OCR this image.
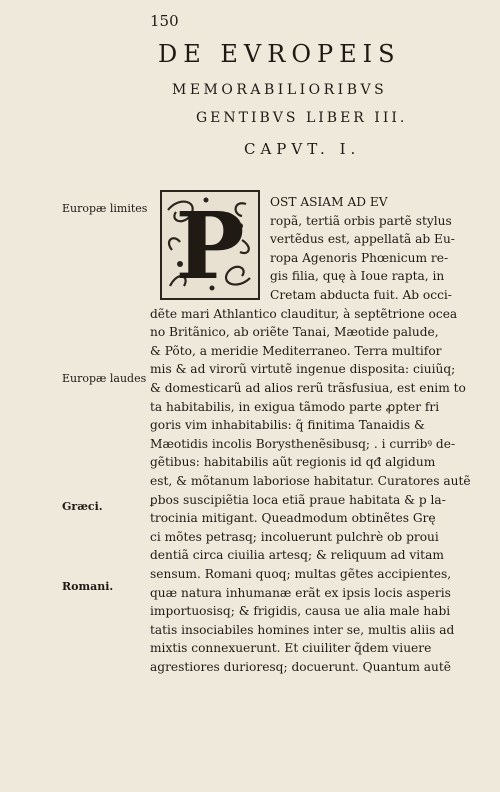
150
DE EVROPEIS
MEMORABILIORIBVS
GENTIBVS LIBER III.
CAPVT. I.
Europæ limites
Europæ laudes
Græci.
Romani.
P OST ASIAM AD EV
ropã, tertiã orbis partẽ stylus
vertẽdus est, appellatã ab Eu-
ropa Agenoris Phœnicum re-
gis filia, quę à Ioue rapta, in
Cretam abducta fuit. Ab occi-
dẽte mari Athlantico clauditur, à septẽtrione ocea
no Britãnico, ab oriẽte Tanai, Mæotide palude,
& Põto, a meridie Mediterraneo. Terra multifor
mis & ad virorũ virtutẽ ingenue disposita: ciuiũq;
& domesticarũ ad alios rerũ trãsfusiua, est enim to
ta habitabilis, in exigua tãmodo parte ꝓpter fri
goris vim inhabitabilis: q̃ finitima Tanaidis &
Mæotidis incolis Borysthenẽsibusq; . i curribꝰ de-
gẽtibus: habitabilis aũt regionis id qđ algidum
est, & mõtanum laboriose habitatur. Curatores autẽ
ꝑbos suscipiẽtia loca etiã praue habitata & p la-
trocinia mitigant. Queadmodum obtinẽtes Grę
ci mõtes petrasq; incoluerunt pulchrè ob proui
dentiã circa ciuilia artesq; & reliquum ad vitam
sensum. Romani quoq; multas gẽtes accipientes,
quæ natura inhumanæ erãt ex ipsis locis asperis
importuosisq; & frigidis, causa ue alia male habi
tatis insociabiles homines inter se, multis aliis ad
mixtis connexuerunt. Et ciuiliter q̃dem viuere
agrestiores durioresq; docuerunt. Quantum autẽ
